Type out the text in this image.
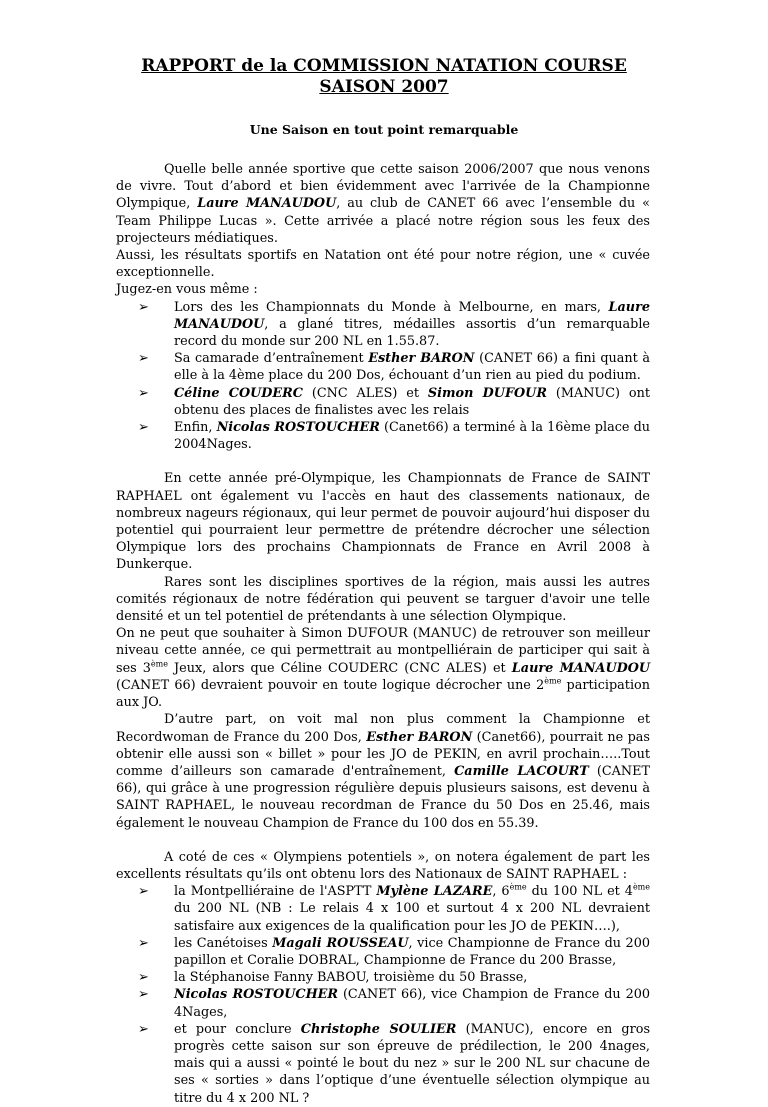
RAPPORT de la COMMISSION NATATION COURSE
SAISON 2007
Une Saison en tout point remarquable

Quelle belle année sportive que cette saison 2006/2007 que nous venons de vivre. Tout d’abord et bien évidemment avec l'arrivée de la Championne Olympique, Laure MANAUDOU, au club de CANET 66 avec l’ensemble du « Team Philippe Lucas ». Cette arrivée a placé notre région sous les feux des projecteurs médiatiques.

Aussi, les résultats sportifs en Natation ont été pour notre région, une « cuvée exceptionnelle.

Jugez-en vous même :

➢ Lors des les Championnats du Monde à Melbourne, en mars, Laure MANAUDOU, a glané titres, médailles assortis d’un remarquable record du monde sur 200 NL en 1.55.87.
➢ Sa camarade d’entraînement Esther BARON (CANET 66) a fini quant à elle à la 4ème place du 200 Dos, échouant d’un rien au pied du podium.
➢ Céline COUDERC (CNC ALES) et Simon DUFOUR (MANUC) ont obtenu des places de finalistes avec les relais
➢ Enfin, Nicolas ROSTOUCHER (Canet66) a terminé à la 16ème place du 2004Nages.

En cette année pré-Olympique, les Championnats de France de SAINT RAPHAEL ont également vu l'accès en haut des classements nationaux, de nombreux nageurs régionaux, qui leur permet de pouvoir aujourd’hui disposer du potentiel qui pourraient leur permettre de prétendre décrocher une sélection Olympique lors des prochains Championnats de France en Avril 2008 à Dunkerque.

Rares sont les disciplines sportives de la région, mais aussi les autres comités régionaux de notre fédération qui peuvent se targuer d'avoir une telle densité et un tel potentiel de prétendants à une sélection Olympique.

On ne peut que souhaiter à Simon DUFOUR (MANUC) de retrouver son meilleur niveau cette année, ce qui permettrait au montpelliérain de participer qui sait à ses 3ème Jeux, alors que Céline COUDERC (CNC ALES) et Laure MANAUDOU (CANET 66) devraient pouvoir en toute logique décrocher une 2ème participation aux JO.

D’autre part, on voit mal non plus comment la Championne et Recordwoman de France du 200 Dos, Esther BARON (Canet66), pourrait ne pas obtenir elle aussi son « billet » pour les JO de PEKIN, en avril prochain…..Tout comme d’ailleurs son camarade d'entraînement, Camille LACOURT (CANET 66), qui grâce à une progression régulière depuis plusieurs saisons, est devenu à SAINT RAPHAEL, le nouveau recordman de France du 50 Dos en 25.46, mais également le nouveau Champion de France du 100 dos en 55.39.

A coté de ces « Olympiens potentiels », on notera également de part les excellents résultats qu’ils ont obtenu lors des Nationaux de SAINT RAPHAEL :

➢ la Montpelliéraine de l'ASPTT Mylène LAZARE, 6ème du 100 NL et 4ème du 200 NL (NB : Le relais 4 x 100 et surtout 4 x 200 NL devraient satisfaire aux exigences de la qualification pour les JO de PEKIN….),
➢ les Canétoises Magali ROUSSEAU, vice Championne de France du 200 papillon et Coralie DOBRAL, Championne de France du 200 Brasse,
➢ la Stéphanoise Fanny BABOU, troisième du 50 Brasse,
➢ Nicolas ROSTOUCHER (CANET 66), vice Champion de France du 200 4Nages,
➢ et pour conclure Christophe SOULIER (MANUC), encore en gros progrès cette saison sur son épreuve de prédilection, le 200 4nages, mais qui a aussi « pointé le bout du nez » sur le 200 NL sur chacune de ses « sorties » dans l’optique d’une éventuelle sélection olympique au titre du 4 x 200 NL ?
